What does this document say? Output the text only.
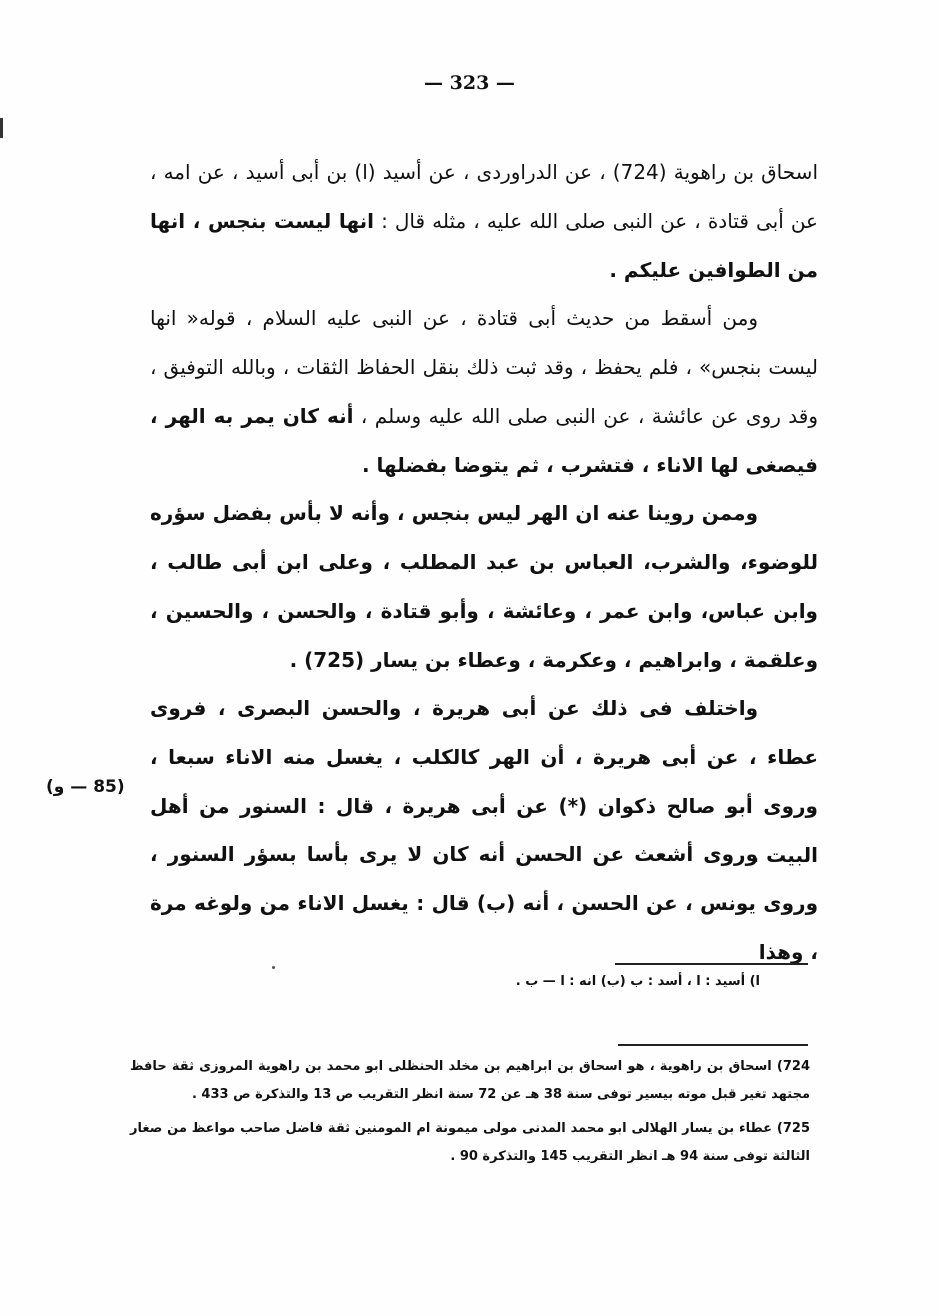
— 323 —

اسحاق بن راهوية (724) ، عن الدراوردى ، عن أسيد (ا) بن أبى أسيد ، عن امه ، عن أبى قتادة ، عن النبى صلى الله عليه ، مثله قال : انها ليست بنجس ، انها من الطوافين عليكم .

ومن أسقط من حديث أبى قتادة ، عن النبى عليه السلام ، قوله« انها ليست بنجس» ، فلم يحفظ ، وقد ثبت ذلك بنقل الحفاظ الثقات ، وبالله التوفيق ، وقد روى عن عائشة ، عن النبى صلى الله عليه وسلم ، أنه كان يمر به الهر ، فيصغى لها الاناء ، فتشرب ، ثم يتوضا بفضلها .

وممن روينا عنه ان الهر ليس بنجس ، وأنه لا بأس بفضل سؤره للوضوء، والشرب، العباس بن عبد المطلب ، وعلى ابن أبى طالب ، وابن عباس، وابن عمر ، وعائشة ، وأبو قتادة ، والحسن ، والحسين ، وعلقمة ، وابراهيم ، وعكرمة ، وعطاء بن يسار (725) .

واختلف فى ذلك عن أبى هريرة ، والحسن البصرى ، فروى عطاء ، عن أبى هريرة ، أن الهر كالكلب ، يغسل منه الاناء سبعا ، وروى أبو صالح ذكوان (*) عن أبى هريرة ، قال : السنور من أهل البيت .

(85 — و)

وروى أشعث عن الحسن أنه كان لا يرى بأسا بسؤر السنور ، وروى يونس ، عن الحسن ، أنه (ب) قال : يغسل الاناء من ولوغه مرة ، وهذا

ا) أسيد : ا ، أسد : ب (ب) انه : ا — ب .

724) اسحاق بن راهوية ، هو اسحاق بن ابراهيم بن مخلد الحنظلى ابو محمد بن راهوية المروزى ثقة حافظ مجتهد تغير قبل موته بيسير توفى سنة 38 هـ عن 72 سنة انظر التقريب ص 13 والتذكرة ص 433 .

725) عطاء بن يسار الهلالى ابو محمد المدنى مولى ميمونة ام المومنين ثقة فاضل صاحب مواعظ من صغار الثالثة توفى سنة 94 هـ انظر التقريب 145 والتذكرة 90 .
